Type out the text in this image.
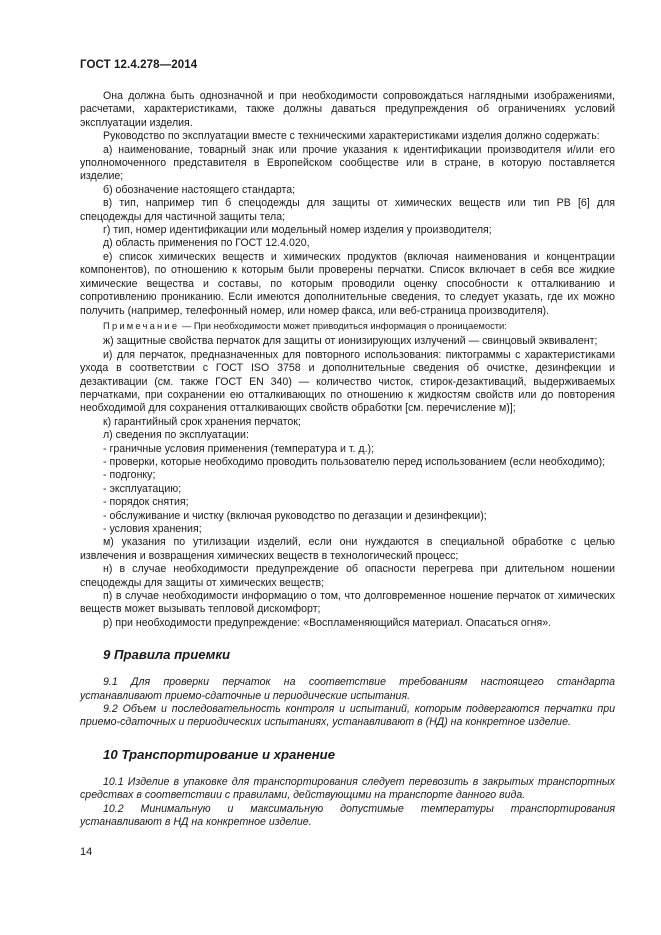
ГОСТ 12.4.278—2014

Она должна быть однозначной и при необходимости сопровождаться наглядными изображениями, расчетами, характеристиками, также должны даваться предупреждения об ограничениях условий эксплуатации изделия.

Руководство по эксплуатации вместе с техническими характеристиками изделия должно содержать:

а) наименование, товарный знак или прочие указания к идентификации производителя и/или его уполномоченного представителя в Европейском сообществе или в стране, в которую поставляется изделие;

б) обозначение настоящего стандарта;

в) тип, например тип б спецодежды для защиты от химических веществ или тип PB [6] для спецодежды для частичной защиты тела;

г) тип, номер идентификации или модельный номер изделия у производителя;

д) область применения по ГОСТ 12.4.020,

е) список химических веществ и химических продуктов (включая наименования и концентрации компонентов), по отношению к которым были проверены перчатки. Список включает в себя все жидкие химические вещества и составы, по которым проводили оценку способности к отталкиванию и сопротивлению прониканию. Если имеются дополнительные сведения, то следует указать, где их можно получить (например, телефонный номер, или номер факса, или веб-страница производителя).

Примечание — При необходимости может приводиться информация о проницаемости:

ж) защитные свойства перчаток для защиты от ионизирующих излучений — свинцовый эквивалент;

и) для перчаток, предназначенных для повторного использования: пиктограммы с характеристиками ухода в соответствии с ГОСТ ISO 3758 и дополнительные сведения об очистке, дезинфекции и дезактивации (см. также ГОСТ EN 340) — количество чисток, стирок-дезактиваций, выдерживаемых перчатками, при сохранении ею отталкивающих по отношению к жидкостям свойств или до повторения необходимой для сохранения отталкивающих свойств обработки [см. перечисление м)];

к) гарантийный срок хранения перчаток;

л) сведения по эксплуатации:

- граничные условия применения (температура и т. д.);

- проверки, которые необходимо проводить пользователю перед использованием (если необходимо);

- подгонку;

- эксплуатацию;

- порядок снятия;

- обслуживание и чистку (включая руководство по дегазации и дезинфекции);

- условия хранения;

м) указания по утилизации изделий, если они нуждаются в специальной обработке с целью извлечения и возвращения химических веществ в технологический процесс;

н) в случае необходимости предупреждение об опасности перегрева при длительном ношении спецодежды для защиты от химических веществ;

п) в случае необходимости информацию о том, что долговременное ношение перчаток от химических веществ может вызывать тепловой дискомфорт;

р) при необходимости предупреждение: «Воспламеняющийся материал. Опасаться огня».

9 Правила приемки

9.1 Для проверки перчаток на соответствие требованиям настоящего стандарта устанавливают приемо-сдаточные и периодические испытания.

9.2 Объем и последовательность контроля и испытаний, которым подвергаются перчатки при приемо-сдаточных и периодических испытаниях, устанавливают в (НД) на конкретное изделие.

10 Транспортирование и хранение

10.1 Изделие в упаковке для транспортирования следует перевозить в закрытых транспортных средствах в соответствии с правилами, действующими на транспорте данного вида.

10.2 Минимальную и максимальную допустимые температуры транспортирования устанавливают в НД на конкретное изделие.

14
